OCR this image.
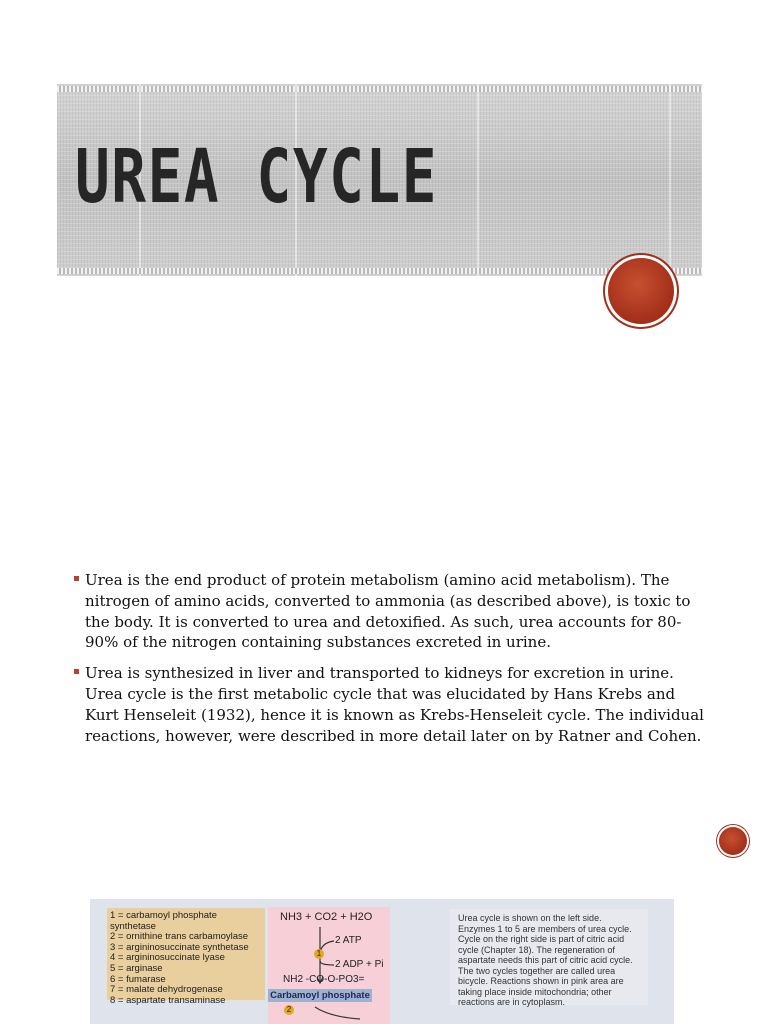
UREA CYCLE
Urea is the end product of protein metabolism (amino acid metabolism). The nitrogen of amino acids, converted to ammonia (as described above), is toxic to the body. It is converted to urea and detoxified. As such, urea accounts for 80-90% of the nitrogen containing substances excreted in urine.
Urea is synthesized in liver and transported to kidneys for excretion in urine. Urea cycle is the first metabolic cycle that was elucidated by Hans Krebs and Kurt Henseleit (1932), hence it is known as Krebs-Henseleit cycle. The individual reactions, however, were described in more detail later on by Ratner and Cohen.
1 = carbamoyl phosphate synthetase
2 = ornithine trans carbamoylase
3 = argininosuccinate synthetase
4 = argininosuccinate lyase
5 = arginase
6 = fumarase
7 = malate dehydrogenase
8 = aspartate transaminase
NH3 + CO2 + H2O
2 ATP
1
2 ADP + Pi
NH2 -CO-O-PO3=
Carbamoyl phosphate
2
Urea cycle is shown on the left side. Enzymes 1 to 5 are members of urea cycle. Cycle on the right side is part of citric acid cycle (Chapter 18). The regeneration of aspartate needs this part of citric acid cycle. The two cycles together are called urea bicycle. Reactions shown in pink area are taking place inside mitochondria; other reactions are in cytoplasm.
